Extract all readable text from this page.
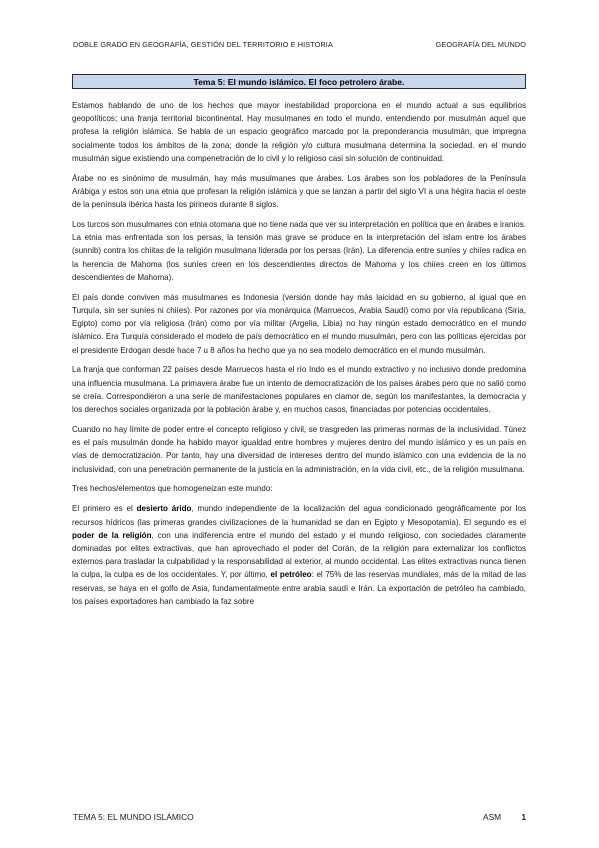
DOBLE GRADO EN GEOGRAFÍA, GESTIÓN DEL TERRITORIO E HISTORIA	GEOGRAFÍA DEL MUNDO
Tema 5: El mundo islámico. El foco petrolero árabe.

Estamos hablando de uno de los hechos que mayor inestabilidad proporciona en el mundo actual a sus equilibrios geopolíticos; una franja territorial bicontinental. Hay musulmanes en todo el mundo, entendiendo por musulmán aquel que profesa la religión islámica. Se habla de un espacio geográfico marcado por la preponderancia musulmán, que impregna socialmente todos los ámbitos de la zona; donde la religión y/o cultura musulmana determina la sociedad. en el mundo musulmán sigue existiendo una compenetración de lo civil y lo religioso casi sin solución de continuidad.

Árabe no es sinónimo de musulmán, hay más musulmanes que árabes. Los árabes son los pobladores de la Península Arábiga y estos son una etnia que profesan la religión islámica y que se lanzan a partir del siglo VI a una hégira hacia el oeste de la península ibérica hasta los pirineos durante 8 siglos.

Los turcos son musulmanes con etnia otomana que no tiene nada que ver su interpretación en política que en árabes e iranios. La etnia mas enfrentada son los persas, la tensión mas grave se produce en la interpretación del islam entre los árabes (sunnib) contra los chiitas de la religión musulmana liderada por los persas (Irán). La diferencia entre suníes y chiíes radica en la herencia de Mahoma (los suníes creen en los descendientes directos de Mahoma y los chiíes creen en los últimos descendientes de Mahoma).

El país donde conviven más musulmanes es Indonesia (versión donde hay más laicidad en su gobierno, al igual que en Turquía, sin ser suníes ni chiíes). Por razones por vía monárquica (Marruecos, Arabia Saudí) como por vía republicana (Siria, Egipto) como por vía religiosa (Irán) como por vía militar (Argelia, Libia) no hay ningún estado democrático en el mundo islámico. Era Turquía considerado el modelo de país democrático en el mundo musulmán, pero con las políticas ejercidas por el presidente Erdogan desde hace 7 u 8 años ha hecho que ya no sea modelo democrático en el mundo musulmán.

La franja que conforman 22 países desde Marruecos hasta el río Indo es el mundo extractivo y no inclusivo donde predomina una influencia musulmana. La primavera árabe fue un intento de democratización de los países árabes pero que no salió como se creía. Correspondieron a una serie de manifestaciones populares en clamor de, según los manifestantes, la democracia y los derechos sociales organizada por la población árabe y, en muchos casos, financiadas por potencias occidentales.

Cuando no hay límite de poder entre el concepto religioso y civil, se trasgreden las primeras normas de la inclusividad. Túnez es el país musulmán donde ha habido mayor igualdad entre hombres y mujeres dentro del mundo islámico y es un país en vías de democratización. Por tanto, hay una diversidad de intereses dentro del mundo islámico con una evidencia de la no inclusividad, con una penetración permanente de la justicia en la administración, en la vida civil, etc., de la religión musulmana.

Tres hechos/elementos que homogeneizan este mundo:

El primero es el desierto árido, mundo independiente de la localización del agua condicionado geográficamente por los recursos hídricos (las primeras grandes civilizaciones de la humanidad se dan en Egipto y Mesopotamia). El segundo es el poder de la religión, con una indiferencia entre el mundo del estado y el mundo religioso, con sociedades claramente dominadas por elites extractivas, que han aprovechado el poder del Corán, de la religión para externalizar los conflictos externos para trasladar la culpabilidad y la responsabilidad al exterior, al mundo occidental. Las elites extractivas nunca tienen la culpa, la culpa es de los occidentales. Y, por último, el petróleo: el 75% de las reservas mundiales, más de la mitad de las reservas, se haya en el golfo de Asia, fundamentalmente entre arabia saudí e Irán. La exportación de petróleo ha cambiado, los países exportadores han cambiado la faz sobre

TEMA 5: EL MUNDO ISLÁMICO	ASM 1
